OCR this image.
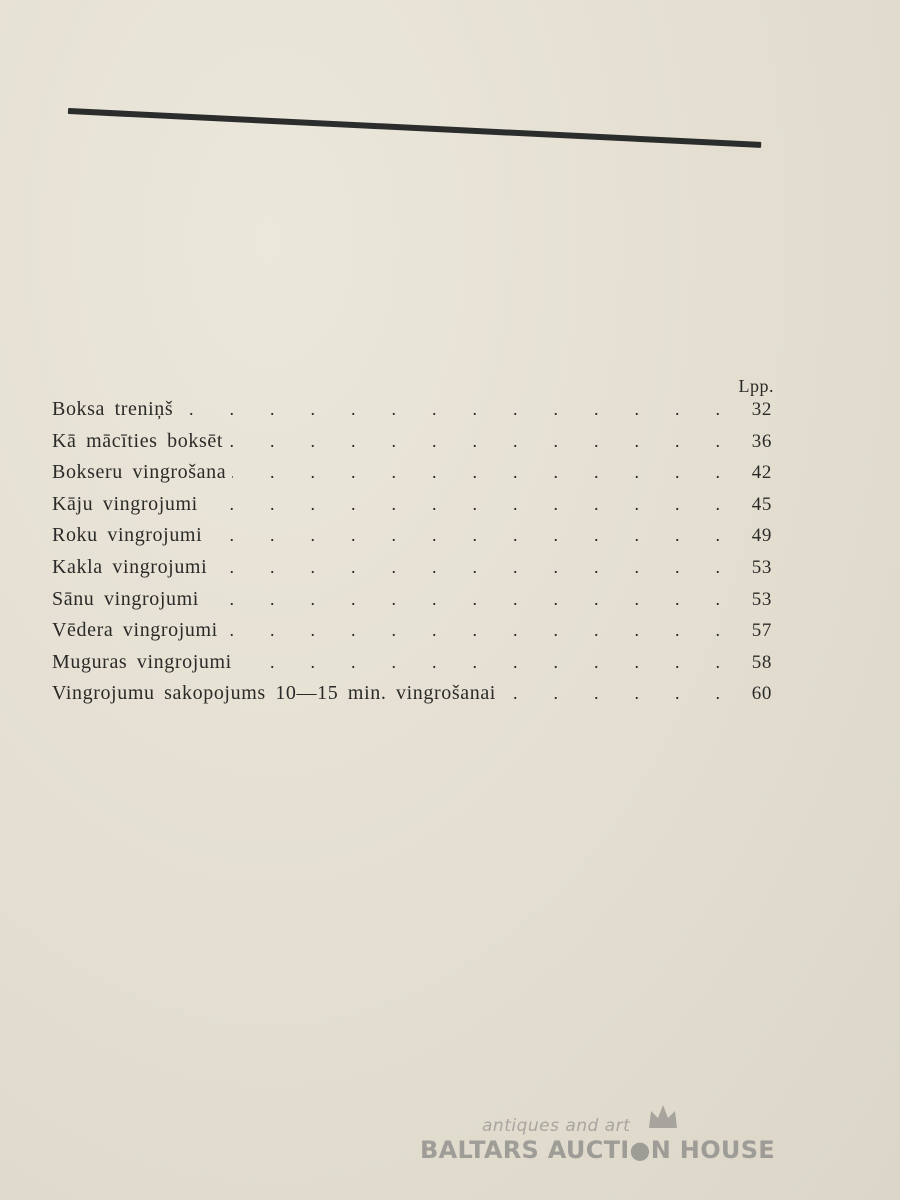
Lpp.
Boksa treniņš .	32
Kā mācīties boksēt .	36
Bokseru vingrošana .	42
Kāju vingrojumi .	45
Roku vingrojumi .	49
Kakla vingrojumi .	53
Sānu vingrojumi .	53
Vēdera vingrojumi .	57
Muguras vingrojumi .	58
Vingrojumu sakopojums 10—15 min. vingrošanai .	60
antiques and art
BALTARS AUCTI●N HOUSE
